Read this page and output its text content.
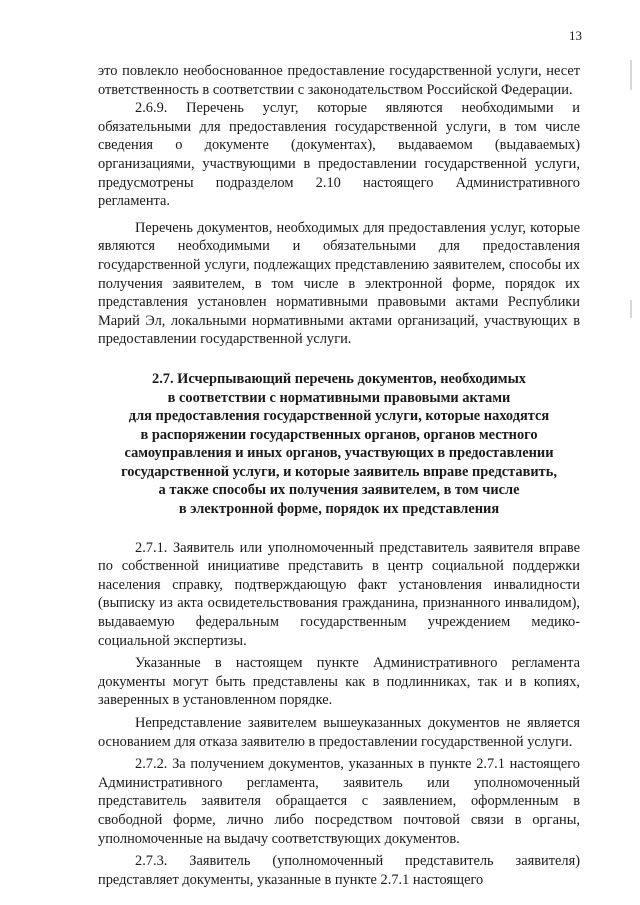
13

это повлекло необоснованное предоставление государственной услуги, несет ответственность в соответствии с законодательством Российской Федерации.

2.6.9. Перечень услуг, которые являются необходимыми и обязательными для предоставления государственной услуги, в том числе сведения о документе (документах), выдаваемом (выдаваемых) организациями, участвующими в предоставлении государственной услуги, предусмотрены подразделом 2.10 настоящего Административного регламента.

Перечень документов, необходимых для предоставления услуг, которые являются необходимыми и обязательными для предоставления государственной услуги, подлежащих представлению заявителем, способы их получения заявителем, в том числе в электронной форме, порядок их представления установлен нормативными правовыми актами Республики Марий Эл, локальными нормативными актами организаций, участвующих в предоставлении государственной услуги.

2.7. Исчерпывающий перечень документов, необходимых
в соответствии с нормативными правовыми актами
для предоставления государственной услуги, которые находятся
в распоряжении государственных органов, органов местного
самоуправления и иных органов, участвующих в предоставлении
государственной услуги, и которые заявитель вправе представить,
а также способы их получения заявителем, в том числе
в электронной форме, порядок их представления

2.7.1. Заявитель или уполномоченный представитель заявителя вправе по собственной инициативе представить в центр социальной поддержки населения справку, подтверждающую факт установления инвалидности (выписку из акта освидетельствования гражданина, признанного инвалидом), выдаваемую федеральным государственным учреждением медико-социальной экспертизы.

Указанные в настоящем пункте Административного регламента документы могут быть представлены как в подлинниках, так и в копиях, заверенных в установленном порядке.

Непредставление заявителем вышеуказанных документов не является основанием для отказа заявителю в предоставлении государственной услуги.

2.7.2. За получением документов, указанных в пункте 2.7.1 настоящего Административного регламента, заявитель или уполномоченный представитель заявителя обращается с заявлением, оформленным в свободной форме, лично либо посредством почтовой связи в органы, уполномоченные на выдачу соответствующих документов.

2.7.3. Заявитель (уполномоченный представитель заявителя) представляет документы, указанные в пункте 2.7.1 настоящего
